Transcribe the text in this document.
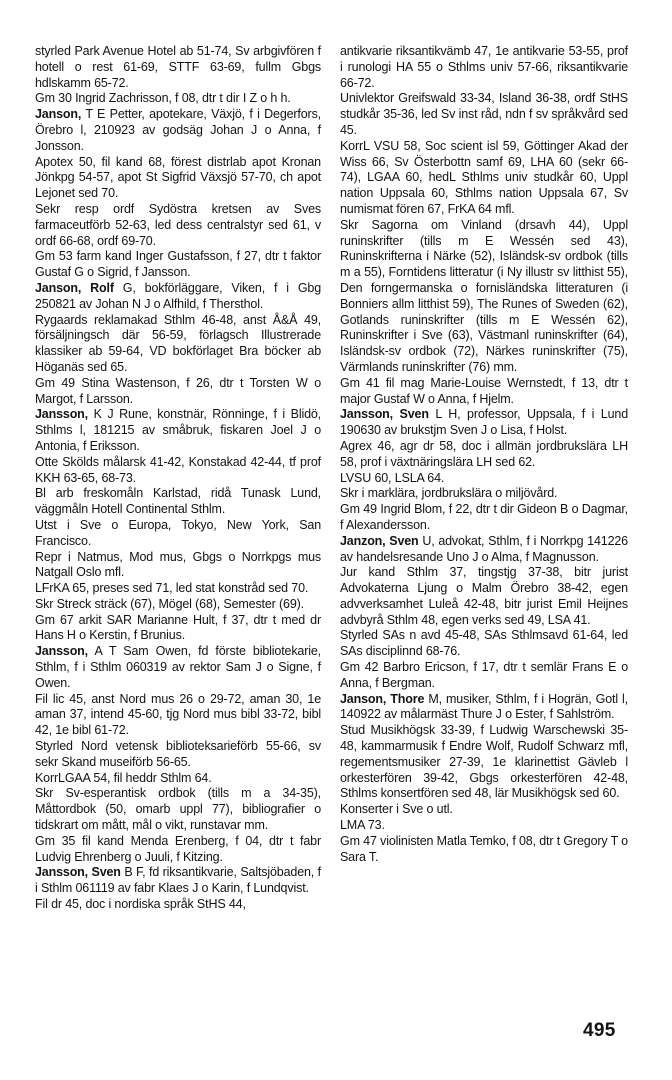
styrled Park Avenue Hotel ab 51-74, Sv arbgivfören f hotell o rest 61-69, STTF 63-69, fullm Gbgs hdlskamm 65-72.

Gm 30 Ingrid Zachrisson, f 08, dtr t dir I Z o h h.

Janson, T E Petter, apotekare, Växjö, f i Degerfors, Örebro l, 210923 av godsäg Johan J o Anna, f Jonsson.

Apotex 50, fil kand 68, förest distrlab apot Kronan Jönkpg 54-57, apot St Sigfrid Växsjö 57-70, ch apot Lejonet sed 70.

Sekr resp ordf Sydöstra kretsen av Sves farmaceutförb 52-63, led dess centralstyr sed 61, v ordf 66-68, ordf 69-70.

Gm 53 farm kand Inger Gustafsson, f 27, dtr t faktor Gustaf G o Sigrid, f Jansson.

Janson, Rolf G, bokförläggare, Viken, f i Gbg 250821 av Johan N J o Alfhild, f Thersthol.

Rygaards reklamakad Sthlm 46-48, anst Å&Å 49, försäljningsch där 56-59, förlagsch Illustrerade klassiker ab 59-64, VD bokförlaget Bra böcker ab Höganäs sed 65.

Gm 49 Stina Wastenson, f 26, dtr t Torsten W o Margot, f Larsson.

Jansson, K J Rune, konstnär, Rönninge, f i Blidö, Sthlms l, 181215 av småbruk, fiskaren Joel J o Antonia, f Eriksson.

Otte Skölds målarsk 41-42, Konstakad 42-44, tf prof KKH 63-65, 68-73.

Bl arb freskomåln Karlstad, ridå Tunask Lund, väggmåln Hotell Continental Sthlm.

Utst i Sve o Europa, Tokyo, New York, San Francisco.

Repr i Natmus, Mod mus, Gbgs o Norrkpgs mus Natgall Oslo mfl.

LFrKA 65, preses sed 71, led stat konstråd sed 70.

Skr Streck sträck (67), Mögel (68), Semester (69).

Gm 67 arkit SAR Marianne Hult, f 37, dtr t med dr Hans H o Kerstin, f Brunius.

Jansson, A T Sam Owen, fd förste bibliotekarie, Sthlm, f i Sthlm 060319 av rektor Sam J o Signe, f Owen.

Fil lic 45, anst Nord mus 26 o 29-72, aman 30, 1e aman 37, intend 45-60, tjg Nord mus bibl 33-72, bibl 42, 1e bibl 61-72.

Styrled Nord vetensk biblioteksarieförb 55-66, sv sekr Skand museiförb 56-65.

KorrLGAA 54, fil heddr Sthlm 64.

Skr Sv-esperantisk ordbok (tills m a 34-35), Måttordbok (50, omarb uppl 77), bibliografier o tidskrart om mått, mål o vikt, runstavar mm.

Gm 35 fil kand Menda Erenberg, f 04, dtr t fabr Ludvig Ehrenberg o Juuli, f Kitzing.

Jansson, Sven B F, fd riksantikvarie, Saltsjöbaden, f i Sthlm 061119 av fabr Klaes J o Karin, f Lundqvist.

Fil dr 45, doc i nordiska språk StHS 44,

antikvarie riksantikvämb 47, 1e antikvarie 53-55, prof i runologi HA 55 o Sthlms univ 57-66, riksantikvarie 66-72.

Univlektor Greifswald 33-34, Island 36-38, ordf StHS studkår 35-36, led Sv inst råd, ndn f sv språkvård sed 45.

KorrL VSU 58, Soc scient isl 59, Göttinger Akad der Wiss 66, Sv Österbottn samf 69, LHA 60 (sekr 66-74), LGAA 60, hedL Sthlms univ studkår 60, Uppl nation Uppsala 60, Sthlms nation Uppsala 67, Sv numismat fören 67, FrKA 64 mfl.

Skr Sagorna om Vinland (drsavh 44), Uppl runinskrifter (tills m E Wessén sed 43), Runinskrifterna i Närke (52), Isländsk-sv ordbok (tills m a 55), Forntidens litteratur (i Ny illustr sv litthist 55), Den forngermanska o fornisländska litteraturen (i Bonniers allm litthist 59), The Runes of Sweden (62), Gotlands runinskrifter (tills m E Wessén 62), Runinskrifter i Sve (63), Västmanl runinskrifter (64), Isländsk-sv ordbok (72), Närkes runinskrifter (75), Värmlands runinskrifter (76) mm.

Gm 41 fil mag Marie-Louise Wernstedt, f 13, dtr t major Gustaf W o Anna, f Hjelm.

Jansson, Sven L H, professor, Uppsala, f i Lund 190630 av brukstjm Sven J o Lisa, f Holst.

Agrex 46, agr dr 58, doc i allmän jordbrukslära LH 58, prof i växtnäringslära LH sed 62.

LVSU 60, LSLA 64.

Skr i marklära, jordbrukslära o miljövård.

Gm 49 Ingrid Blom, f 22, dtr t dir Gideon B o Dagmar, f Alexandersson.

Janzon, Sven U, advokat, Sthlm, f i Norrkpg 141226 av handelsresande Uno J o Alma, f Magnusson.

Jur kand Sthlm 37, tingstjg 37-38, bitr jurist Advokaterna Ljung o Malm Örebro 38-42, egen advverksamhet Luleå 42-48, bitr jurist Emil Heijnes advbyrå Sthlm 48, egen verks sed 49, LSA 41.

Styrled SAs n avd 45-48, SAs Sthlmsavd 61-64, led SAs disciplinnd 68-76.

Gm 42 Barbro Ericson, f 17, dtr t semlär Frans E o Anna, f Bergman.

Janson, Thore M, musiker, Sthlm, f i Hogrän, Gotl l, 140922 av målarmäst Thure J o Ester, f Sahlström.

Stud Musikhögsk 33-39, f Ludwig Warschewski 35-48, kammarmusik f Endre Wolf, Rudolf Schwarz mfl, regementsmusiker 27-39, 1e klarinettist Gävleb l orkesterfören 39-42, Gbgs orkesterfören 42-48, Sthlms konsertfören sed 48, lär Musikhögsk sed 60.

Konserter i Sve o utl.

LMA 73.

Gm 47 violinisten Matla Temko, f 08, dtr t Gregory T o Sara T.

495
